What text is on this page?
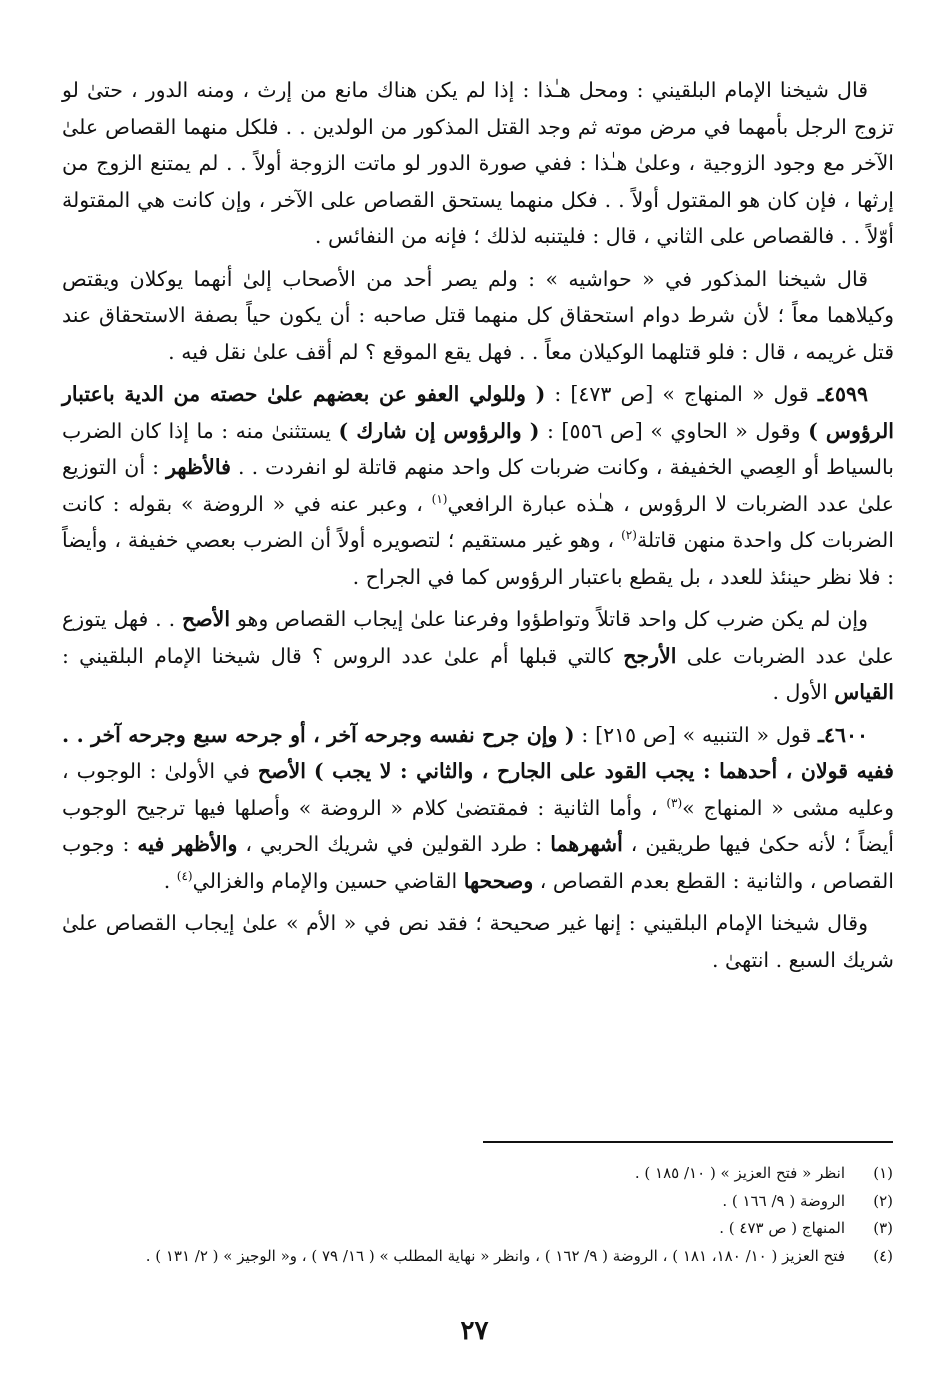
قال شيخنا الإمام البلقيني : ومحل هـٰذا : إذا لم يكن هناك مانع من إرث ، ومنه الدور ، حتىٰ لو تزوج الرجل بأمهما في مرض موته ثم وجد القتل المذكور من الولدين . . فلكل منهما القصاص علىٰ الآخر مع وجود الزوجية ، وعلىٰ هـٰذا : ففي صورة الدور لو ماتت الزوجة أولاً . . لم يمتنع الزوج من إرثها ، فإن كان هو المقتول أولاً . . فكل منهما يستحق القصاص على الآخر ، وإن كانت هي المقتولة أوّلاً . . فالقصاص على الثاني ، قال : فليتنبه لذلك ؛ فإنه من النفائس .

قال شيخنا المذكور في « حواشيه » : ولم يصر أحد من الأصحاب إلىٰ أنهما يوكلان ويقتص وكيلاهما معاً ؛ لأن شرط دوام استحقاق كل منهما قتل صاحبه : أن يكون حياً بصفة الاستحقاق عند قتل غريمه ، قال : فلو قتلهما الوكيلان معاً . . فهل يقع الموقع ؟ لم أقف علىٰ نقل فيه .

٤٥٩٩ـ قول « المنهاج » [ص ٤٧٣] : ( وللولي العفو عن بعضهم علىٰ حصته من الدية باعتبار الرؤوس ) وقول « الحاوي » [ص ٥٥٦] : ( والرؤوس إن شارك ) يستثنىٰ منه : ما إذا كان الضرب بالسياط أو العِصي الخفيفة ، وكانت ضربات كل واحد منهم قاتلة لو انفردت . . فالأظهر : أن التوزيع علىٰ عدد الضربات لا الرؤوس ، هـٰذه عبارة الرافعي$^{(١)}$ ، وعبر عنه في « الروضة » بقوله : كانت الضربات كل واحدة منهن قاتلة$^{(٢)}$ ، وهو غير مستقيم ؛ لتصويره أولاً أن الضرب بعصي خفيفة ، وأيضاً : فلا نظر حينئذ للعدد ، بل يقطع باعتبار الرؤوس كما في الجراح .

وإن لم يكن ضرب كل واحد قاتلاً وتواطؤوا وفرعنا علىٰ إيجاب القصاص وهو الأصح . . فهل يتوزع علىٰ عدد الضربات على الأرجح كالتي قبلها أم علىٰ عدد الروس ؟ قال شيخنا الإمام البلقيني : القياس الأول .

٤٦٠٠ـ قول « التنبيه » [ص ٢١٥] : ( وإن جرح نفسه وجرحه آخر ، أو جرحه سبع وجرحه آخر . . ففيه قولان ، أحدهما : يجب القود على الجارح ، والثاني : لا يجب ) الأصح في الأولىٰ : الوجوب ، وعليه مشى « المنهاج »$^{(٣)}$ ، وأما الثانية : فمقتضىٰ كلام « الروضة » وأصلها فيها ترجيح الوجوب أيضاً ؛ لأنه حكىٰ فيها طريقين ، أشهرهما : طرد القولين في شريك الحربي ، والأظهر فيه : وجوب القصاص ، والثانية : القطع بعدم القصاص ، وصححها القاضي حسين والإمام والغزالي$^{(٤)}$ .

وقال شيخنا الإمام البلقيني : إنها غير صحيحة ؛ فقد نص في « الأم » علىٰ إيجاب القصاص علىٰ شريك السبع . انتهىٰ .

(١)
انظر « فتح العزيز » ( ١٠/ ١٨٥ ) .
(٢)
الروضة ( ٩/ ١٦٦ ) .
(٣)
المنهاج ( ص ٤٧٣ ) .
(٤)
فتح العزيز ( ١٠/ ١٨٠، ١٨١ ) ، الروضة ( ٩/ ١٦٢ ) ، وانظر « نهاية المطلب » ( ١٦/ ٧٩ ) ، و« الوجيز » ( ٢/ ١٣١ ) .
٢٧
